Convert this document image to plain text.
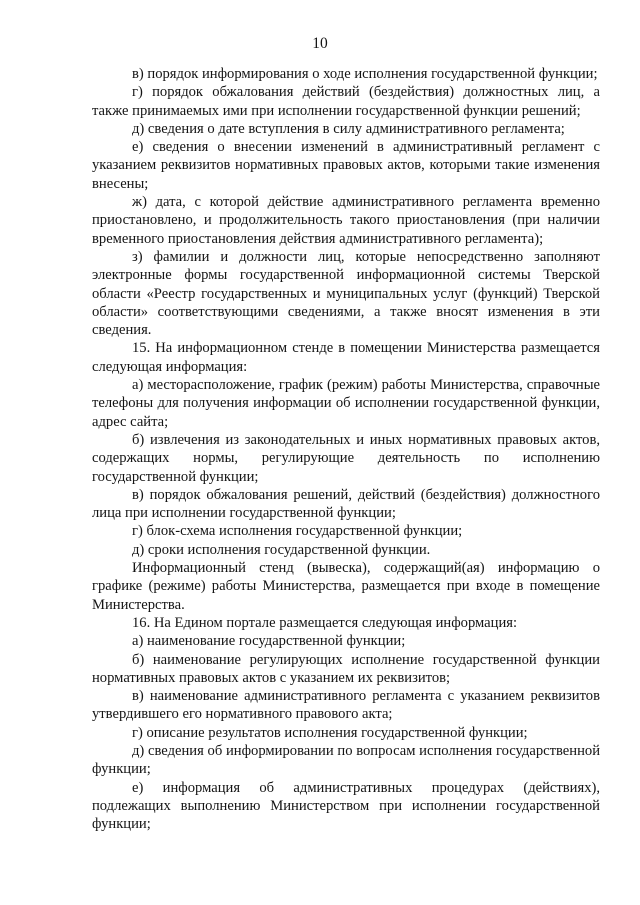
10

в) порядок информирования о ходе исполнения государственной функции;

г) порядок обжалования действий (бездействия) должностных лиц, а также принимаемых ими при исполнении государственной функции решений;

д) сведения о дате вступления в силу административного регламента;

е) сведения о внесении изменений в административный регламент с указанием реквизитов нормативных правовых актов, которыми такие изменения внесены;

ж) дата, с которой действие административного регламента временно приостановлено, и продолжительность такого приостановления (при наличии временного приостановления действия административного регламента);

з) фамилии и должности лиц, которые непосредственно заполняют электронные формы государственной информационной системы Тверской области «Реестр государственных и муниципальных услуг (функций) Тверской области» соответствующими сведениями, а также вносят изменения в эти сведения.

15. На информационном стенде в помещении Министерства размещается следующая информация:

а) месторасположение, график (режим) работы Министерства, справочные телефоны для получения информации об исполнении государственной функции, адрес сайта;

б) извлечения из законодательных и иных нормативных правовых актов, содержащих нормы, регулирующие деятельность по исполнению государственной функции;

в) порядок обжалования решений, действий (бездействия) должностного лица при исполнении государственной функции;

г) блок-схема исполнения государственной функции;

д) сроки исполнения государственной функции.

Информационный стенд (вывеска), содержащий(ая) информацию о графике (режиме) работы Министерства, размещается при входе в помещение Министерства.

16. На Едином портале размещается следующая информация:

а) наименование государственной функции;

б) наименование регулирующих исполнение государственной функции нормативных правовых актов с указанием их реквизитов;

в) наименование административного регламента с указанием реквизитов утвердившего его нормативного правового акта;

г) описание результатов исполнения государственной функции;

д) сведения об информировании по вопросам исполнения государственной функции;

е) информация об административных процедурах (действиях), подлежащих выполнению Министерством при исполнении государственной функции;
